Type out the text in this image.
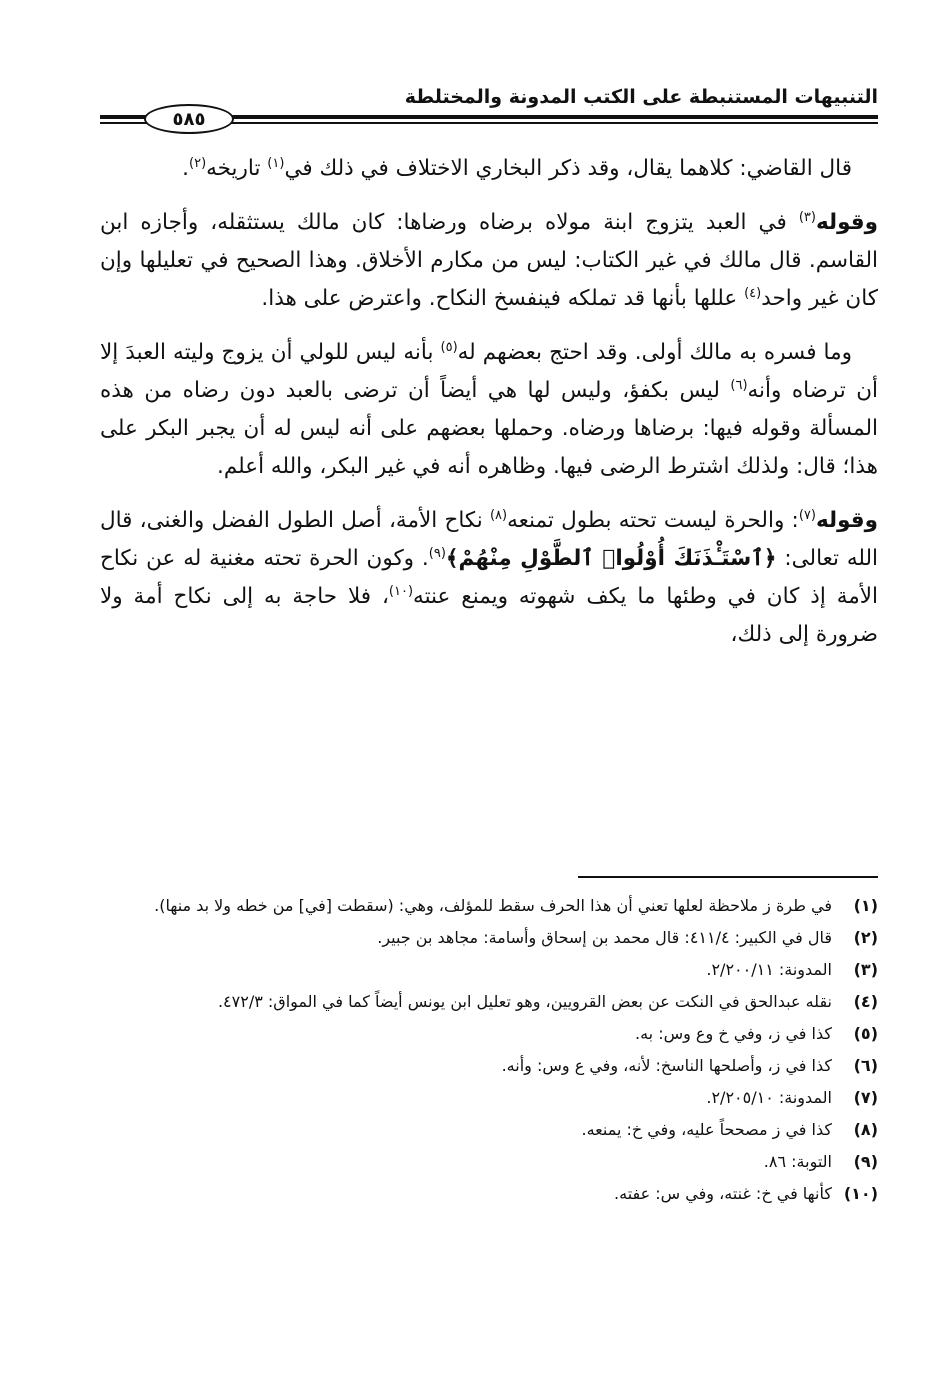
التنبيهات المستنبطة على الكتب المدونة والمختلطة
٥٨٥

قال القاضي: كلاهما يقال، وقد ذكر البخاري الاختلاف في ذلك في$^{(١)}$ تاريخه$^{(٢)}$.

وقوله$^{(٣)}$ في العبد يتزوج ابنة مولاه برضاه ورضاها: كان مالك يستثقله، وأجازه ابن القاسم. قال مالك في غير الكتاب: ليس من مكارم الأخلاق. وهذا الصحيح في تعليلها وإن كان غير واحد$^{(٤)}$ عللها بأنها قد تملكه فينفسخ النكاح. واعترض على هذا.

وما فسره به مالك أولى. وقد احتج بعضهم له$^{(٥)}$ بأنه ليس للولي أن يزوج وليته العبدَ إلا أن ترضاه وأنه$^{(٦)}$ ليس بكفؤ، وليس لها هي أيضاً أن ترضى بالعبد دون رضاه من هذه المسألة وقوله فيها: برضاها ورضاه. وحملها بعضهم على أنه ليس له أن يجبر البكر على هذا؛ قال: ولذلك اشترط الرضى فيها. وظاهره أنه في غير البكر، والله أعلم.

وقوله$^{(٧)}$: والحرة ليست تحته بطول تمنعه$^{(٨)}$ نكاح الأمة، أصل الطول الفضل والغنى، قال الله تعالى: ﴿ٱسْتَـْٔذَنَكَ أُوْلُوا۟ ٱلطَّوْلِ مِنْهُمْ﴾$^{(٩)}$. وكون الحرة تحته مغنية له عن نكاح الأمة إذ كان في وطئها ما يكف شهوته ويمنع عنته$^{(١٠)}$، فلا حاجة به إلى نكاح أمة ولا ضرورة إلى ذلك،

(١)
في طرة ز ملاحظة لعلها تعني أن هذا الحرف سقط للمؤلف، وهي: (سقطت [في] من خطه ولا بد منها).
(٢)
قال في الكبير: ٤١١/٤: قال محمد بن إسحاق وأسامة: مجاهد بن جبير.
(٣)
المدونة: ٢/٢٠٠/١١.
(٤)
نقله عبدالحق في النكت عن بعض القرويين، وهو تعليل ابن يونس أيضاً كما في المواق: ٤٧٢/٣.
(٥)
كذا في ز، وفي خ وع وس: به.
(٦)
كذا في ز، وأصلحها الناسخ: لأنه، وفي ع وس: وأنه.
(٧)
المدونة: ٢/٢٠٥/١٠.
(٨)
كذا في ز مصححاً عليه، وفي خ: يمنعه.
(٩)
التوبة: ٨٦.
(١٠)
كأنها في خ: غنته، وفي س: عفته.
